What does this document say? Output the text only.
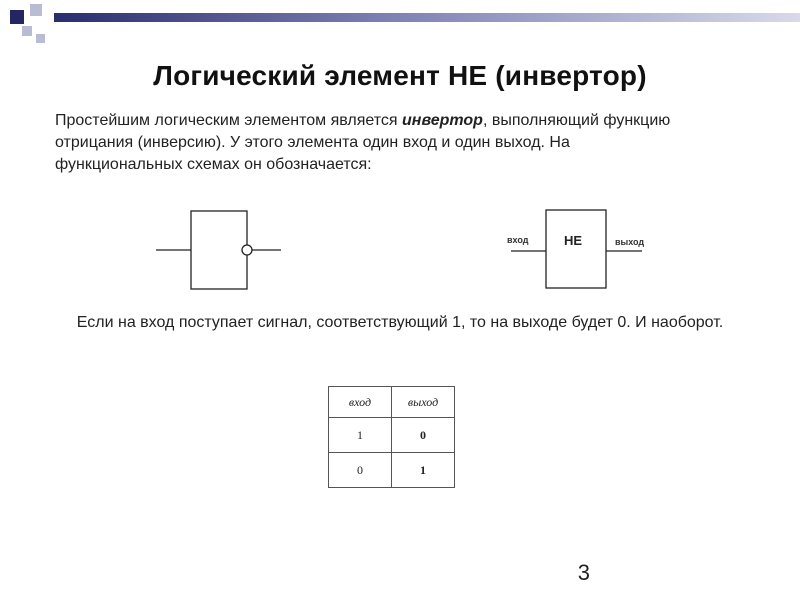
Логический элемент НЕ (инвертор)
Простейшим логическим элементом является инвертор, выполняющий функцию отрицания (инверсию). У этого элемента один вход и один выход. На функциональных схемах он обозначается:
вход	НЕ	выход
Если на вход поступает сигнал, соответствующий 1, то на выходе будет 0. И наоборот.
вход	выход
1	0
0	1
3
